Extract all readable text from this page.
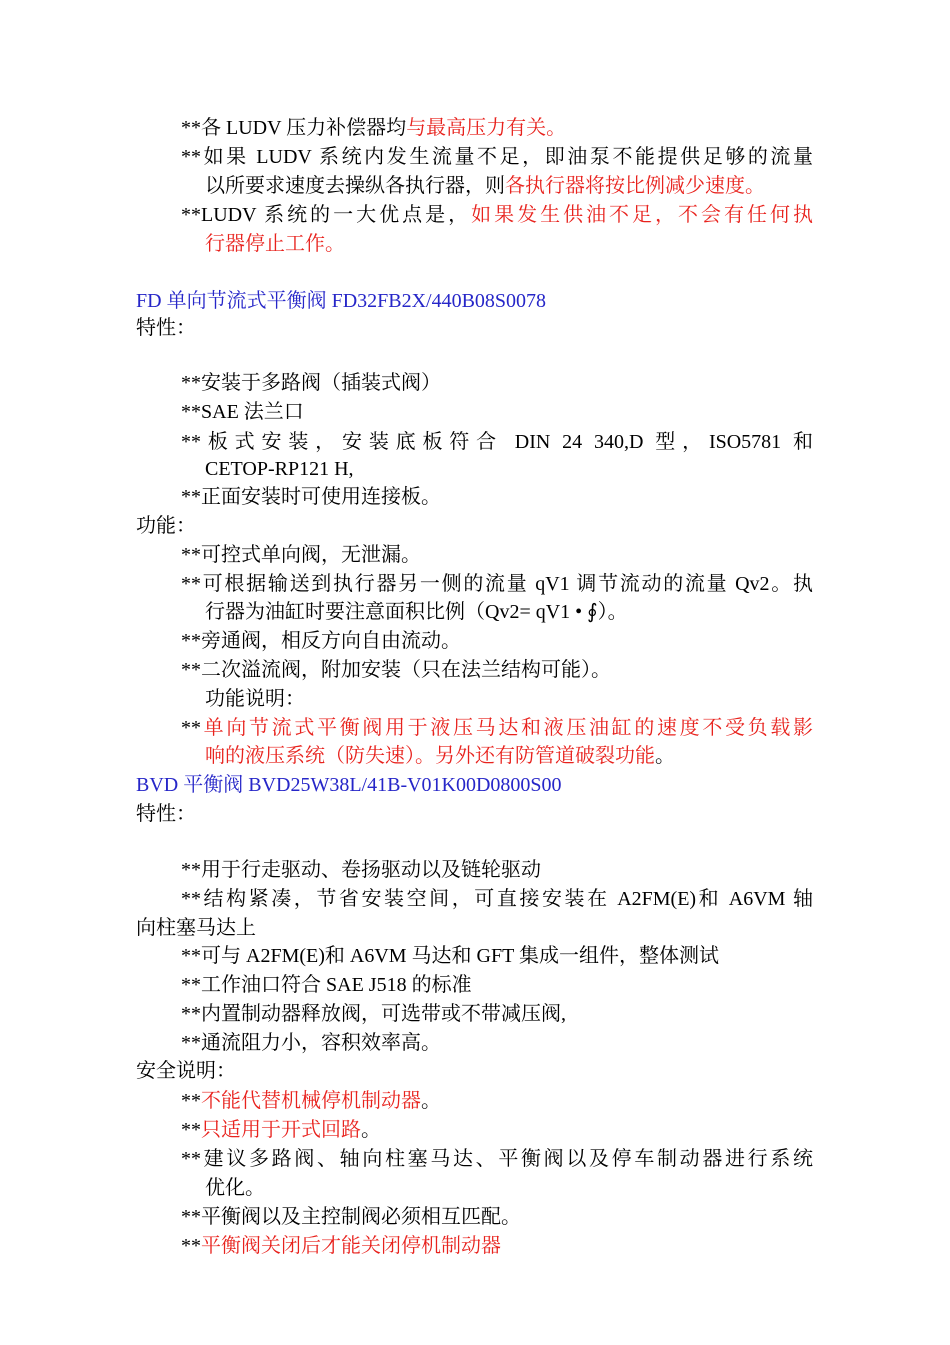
**各 LUDV 压力补偿器均与最高压力有关。
**如果 LUDV 系统内发生流量不足，即油泵不能提供足够的流量
以所要求速度去操纵各执行器，则各执行器将按比例减少速度。
**LUDV 系统的一大优点是，如果发生供油不足，不会有任何执
行器停止工作。
FD 单向节流式平衡阀 FD32FB2X/440B08S0078
特性：
**安装于多路阀（插装式阀）
**SAE 法兰口
**板式安装，安装底板符合 DIN 24 340,D 型，ISO5781 和
CETOP-RP121 H,
**正面安装时可使用连接板。
功能：
**可控式单向阀，无泄漏。
**可根据输送到执行器另一侧的流量 qV1 调节流动的流量 Qv2。执
行器为油缸时要注意面积比例（Qv2= qV1 • ∮）。
**旁通阀，相反方向自由流动。
**二次溢流阀，附加安装（只在法兰结构可能）。
功能说明：
**单向节流式平衡阀用于液压马达和液压油缸的速度不受负载影
响的液压系统（防失速）。另外还有防管道破裂功能。
BVD 平衡阀 BVD25W38L/41B-V01K00D0800S00
特性：
**用于行走驱动、卷扬驱动以及链轮驱动
**结构紧凑，节省安装空间，可直接安装在 A2FM(E)和 A6VM 轴
向柱塞马达上
**可与 A2FM(E)和 A6VM 马达和 GFT 集成一组件，整体测试
**工作油口符合 SAE J518 的标准
**内置制动器释放阀，可选带或不带减压阀,
**通流阻力小，容积效率高。
安全说明：
**不能代替机械停机制动器。
**只适用于开式回路。
**建议多路阀、轴向柱塞马达、平衡阀以及停车制动器进行系统
优化。
**平衡阀以及主控制阀必须相互匹配。
**平衡阀关闭后才能关闭停机制动器
